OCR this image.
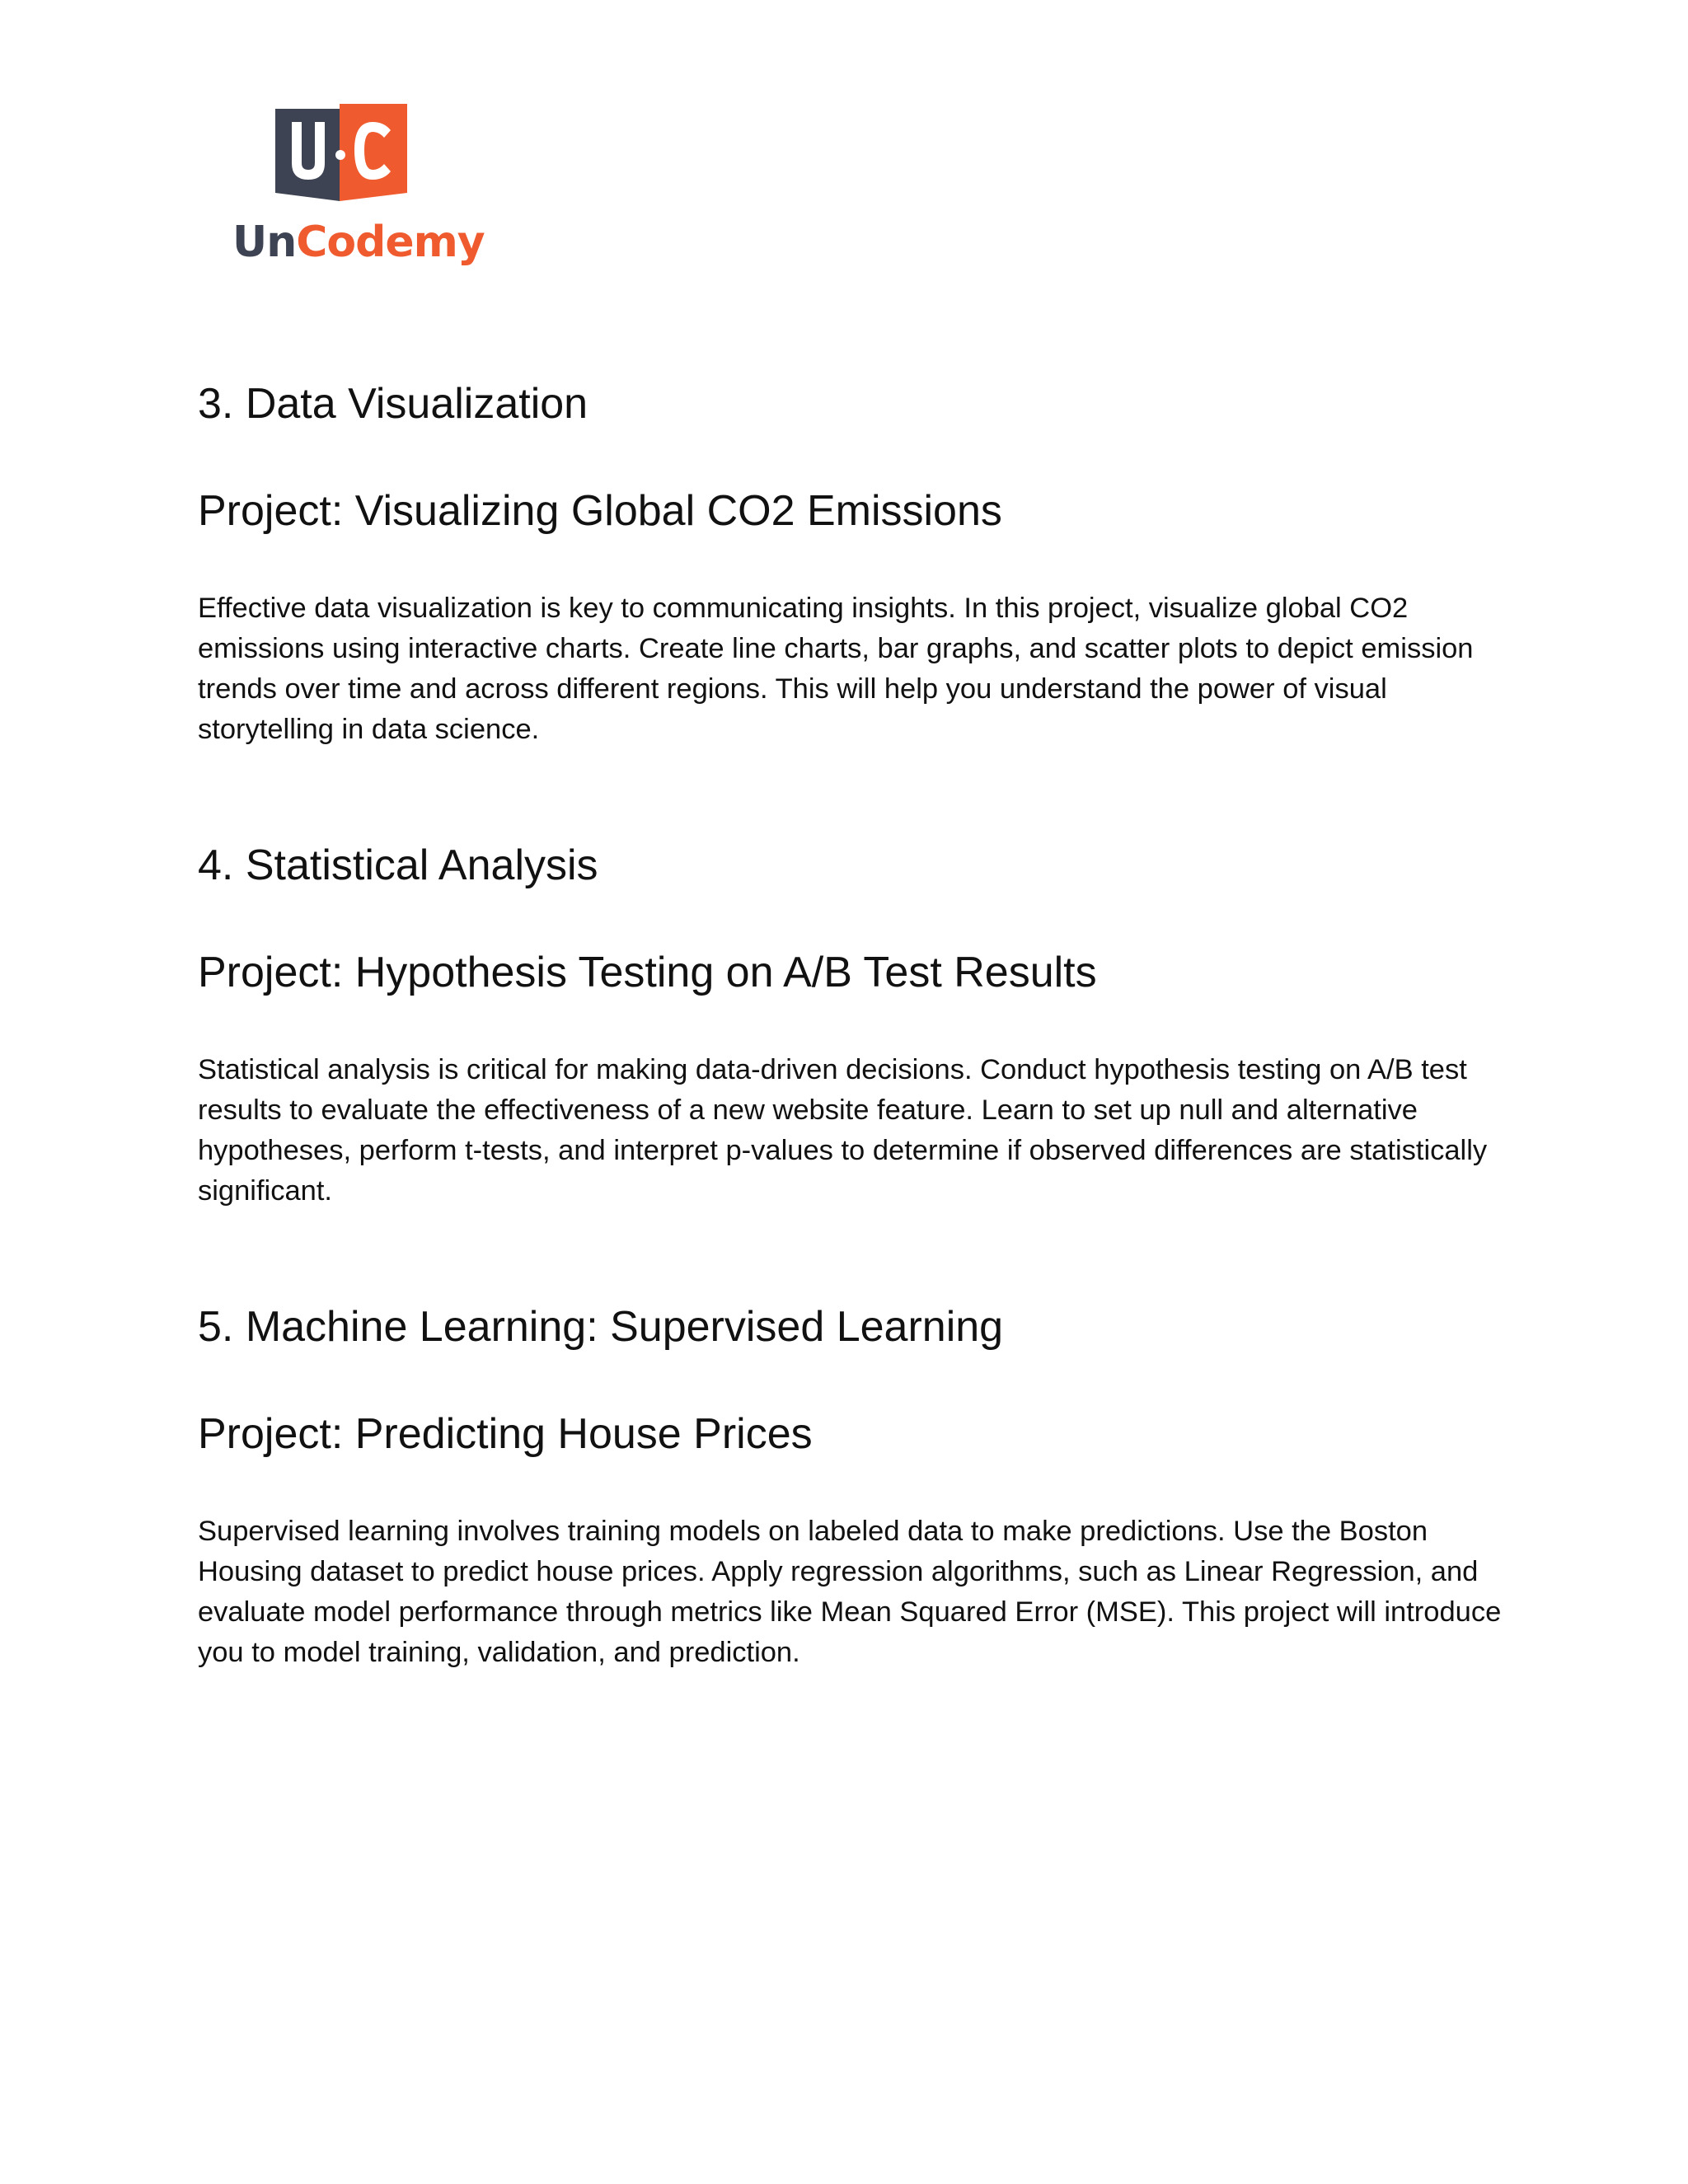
UnCodemy
3. Data Visualization
Project: Visualizing Global CO2 Emissions

Effective data visualization is key to communicating insights. In this project, visualize global CO2 emissions using interactive charts. Create line charts, bar graphs, and scatter plots to depict emission trends over time and across different regions. This will help you understand the power of visual storytelling in data science.

4. Statistical Analysis
Project: Hypothesis Testing on A/B Test Results

Statistical analysis is critical for making data-driven decisions. Conduct hypothesis testing on A/B test results to evaluate the effectiveness of a new website feature. Learn to set up null and alternative hypotheses, perform t-tests, and interpret p-values to determine if observed differences are statistically significant.

5. Machine Learning: Supervised Learning
Project: Predicting House Prices

Supervised learning involves training models on labeled data to make predictions. Use the Boston Housing dataset to predict house prices. Apply regression algorithms, such as Linear Regression, and evaluate model performance through metrics like Mean Squared Error (MSE). This project will introduce you to model training, validation, and prediction.
